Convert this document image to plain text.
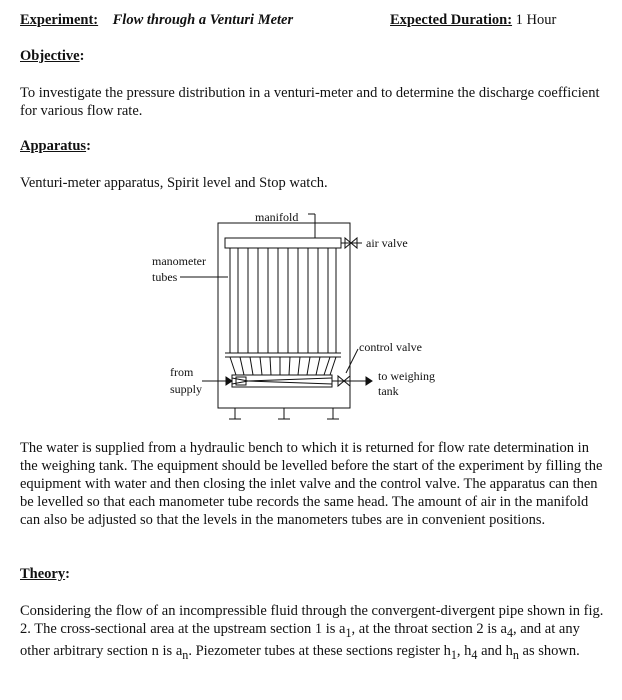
Experiment: Flow through a Venturi Meter	Expected Duration: 1 Hour
Objective:
To investigate the pressure distribution in a venturi-meter and to determine the discharge coefficient for various flow rate.
Apparatus:
Venturi-meter apparatus, Spirit level and Stop watch.
manifold
air valve
manometer
tubes
control valve
from
supply
to weighing
tank
The water is supplied from a hydraulic bench to which it is returned for flow rate determination in the weighing tank. The equipment should be levelled before the start of the experiment by filling the equipment with water and then closing the inlet valve and the control valve. The apparatus can then be levelled so that each manometer tube records the same head. The amount of air in the manifold can also be adjusted so that the levels in the manometers tubes are in convenient positions.
Theory:
Considering the flow of an incompressible fluid through the convergent-divergent pipe shown in fig. 2. The cross-sectional area at the upstream section 1 is $a_1$, at the throat section 2 is $a_4$, and at any other arbitrary section n is $a_n$. Piezometer tubes at these sections register $h_1$, $h_4$ and $h_n$ as shown.
